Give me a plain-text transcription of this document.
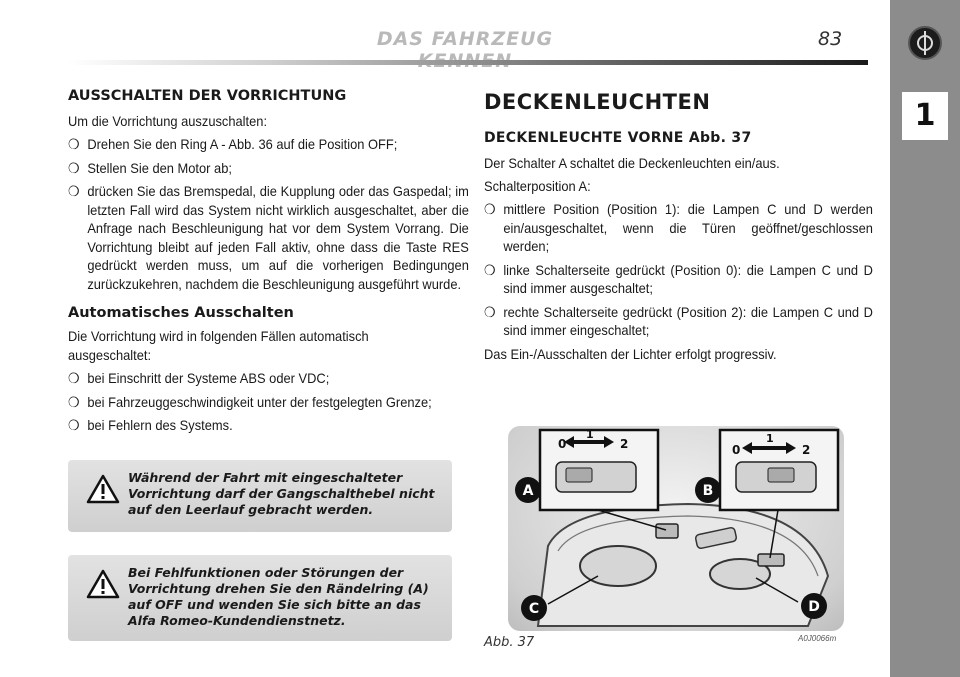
DAS FAHRZEUG	83
1
AUSSCHALTEN DER VORRICHTUNG
Um die Vorrichtung auszuschalten:
❍ Drehen Sie den Ring A - Abb. 36 auf die Position OFF;
❍ Stellen Sie den Motor ab;
❍ drücken Sie das Bremspedal, die Kupplung oder das Gaspedal; im letzten Fall wird das System nicht wirklich ausgeschaltet, aber die Anfrage nach Beschleunigung hat vor dem System Vorrang. Die Vorrichtung bleibt auf jeden Fall aktiv, ohne dass die Taste RES gedrückt werden muss, um auf die vorherigen Bedingungen zurückzukehren, nachdem die Beschleunigung ausgeführt wurde.
Automatisches Ausschalten
Die Vorrichtung wird in folgenden Fällen automatisch ausgeschaltet:
❍ bei Einschritt der Systeme ABS oder VDC;
❍ bei Fahrzeuggeschwindigkeit unter der festgelegten Grenze;
❍ bei Fehlern des Systems.
Während der Fahrt mit eingeschalteter Vorrichtung darf der Gangschalthebel nicht auf den Leerlauf gebracht werden.
Bei Fehlfunktionen oder Störungen der Vorrichtung drehen Sie den Rändelring (A) auf OFF und wenden Sie sich bitte an das Alfa Romeo-Kundendienstnetz.
DECKENLEUCHTEN
DECKENLEUCHTE VORNE Abb. 37
Der Schalter A schaltet die Deckenleuchten ein/aus.
Schalterposition A:
❍ mittlere Position (Position 1): die Lampen C und D werden ein/ausgeschaltet, wenn die Türen geöffnet/geschlossen werden;
❍ linke Schalterseite gedrückt (Position 0): die Lampen C und D sind immer ausgeschaltet;
❍ rechte Schalterseite gedrückt (Position 2): die Lampen C und D sind immer eingeschaltet;
Das Ein-/Ausschalten der Lichter erfolgt progressiv.
0
1
2	0
1
2
A	B
C	D
Abb. 37	A0J0066m
